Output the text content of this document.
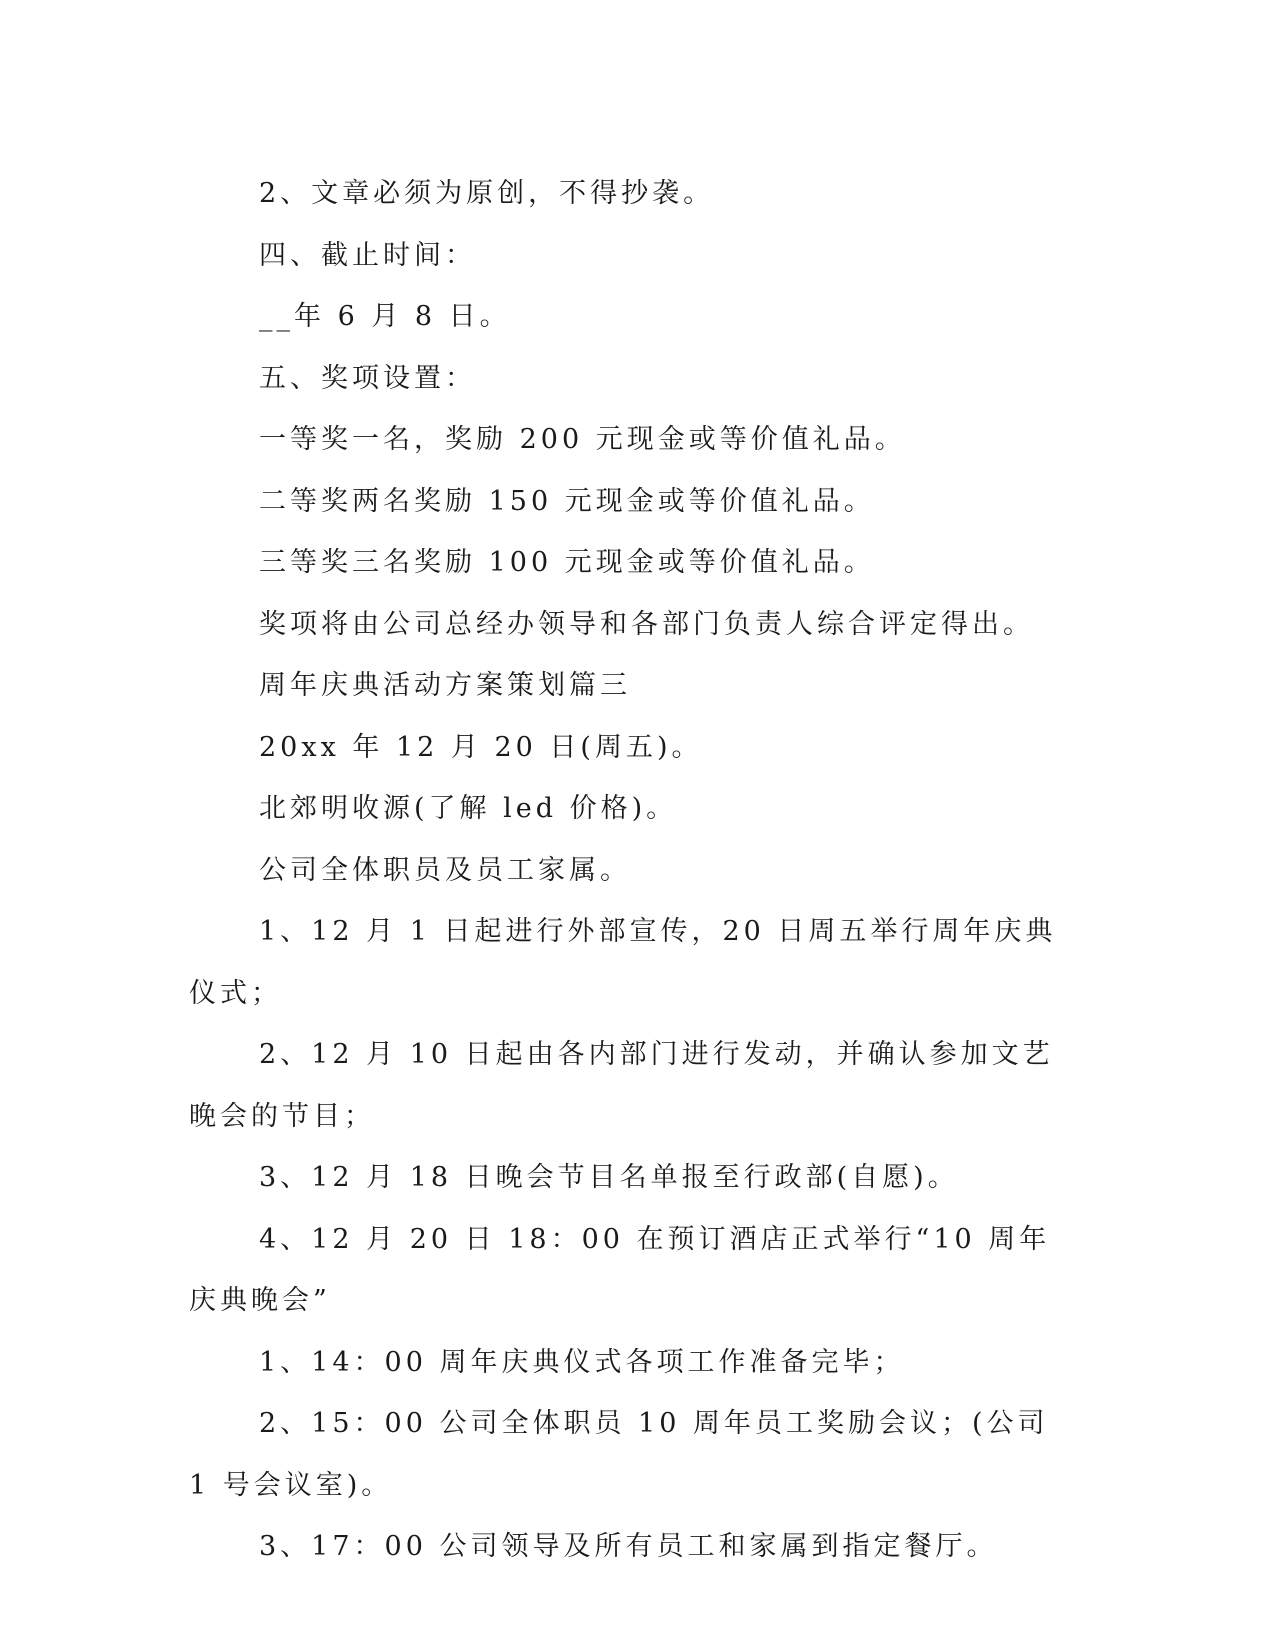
2、文章必须为原创，不得抄袭。

四、截止时间：

__年 6 月 8 日。

五、奖项设置：

一等奖一名，奖励 200 元现金或等价值礼品。

二等奖两名奖励 150 元现金或等价值礼品。

三等奖三名奖励 100 元现金或等价值礼品。

奖项将由公司总经办领导和各部门负责人综合评定得出。

周年庆典活动方案策划篇三

20xx 年 12 月 20 日(周五)。

北郊明收源(了解 led 价格)。

公司全体职员及员工家属。

1、12 月 1 日起进行外部宣传，20 日周五举行周年庆典仪式；

2、12 月 10 日起由各内部门进行发动，并确认参加文艺晚会的节目；

3、12 月 18 日晚会节目名单报至行政部(自愿)。

4、12 月 20 日 18：00 在预订酒店正式举行“10 周年庆典晚会”

1、14：00 周年庆典仪式各项工作准备完毕；

2、15：00 公司全体职员 10 周年员工奖励会议；(公司 1 号会议室)。

3、17：00 公司领导及所有员工和家属到指定餐厅。
